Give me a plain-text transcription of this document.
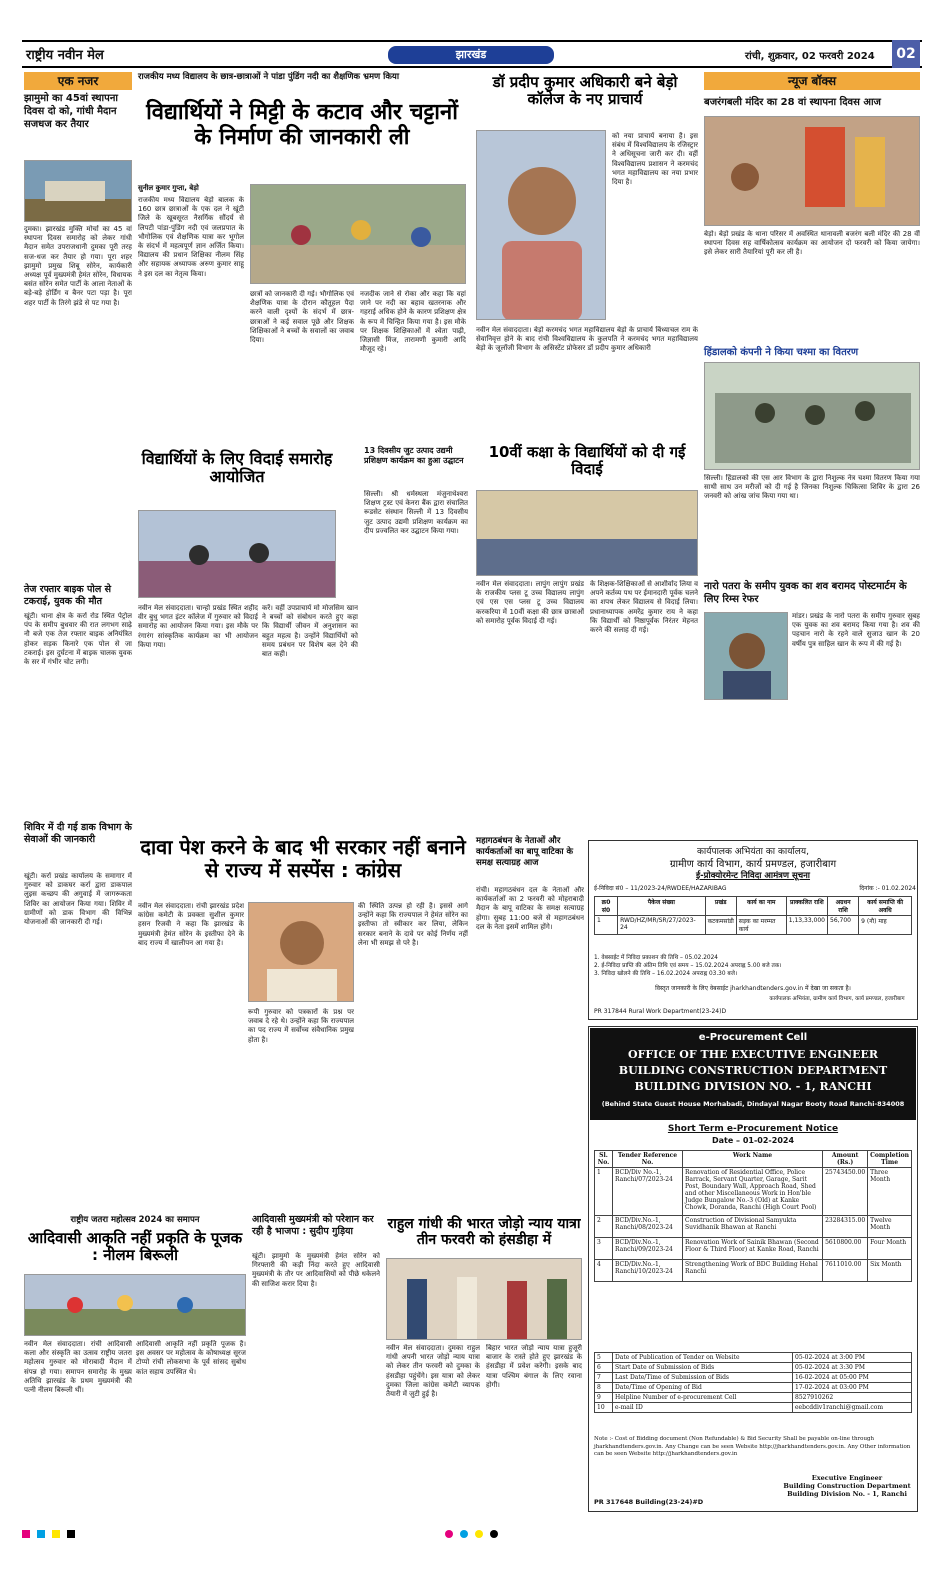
राष्ट्रीय नवीन मेल	झारखंड	रांची, शुक्रवार, 02 फरवरी 2024	02
एक नजर
झामुमो का 45वां स्थापना दिवस दो को, गांधी मैदान सजधज कर तैयार
दुमका। झारखंड मुक्ति मोर्चा का 45 वां स्थापना दिवस समारोह को लेकर गांधी मैदान समेत उपराजधानी दुमका पूरी तरह सज-धज कर तैयार हो गया। पूरा शहर झामुमो प्रमुख शिबू सोरेन, कार्यकारी अध्यक्ष पूर्व मुख्यमंत्री हेमंत सोरेन, विधायक बसंत सोरेन समेत पार्टी के आला नेताओं के बड़े-बड़े होर्डिंग व बैनर पटा पड़ा है। पूरा शहर पार्टी के तिरंगे झंडे से पट गया है।
तेज रफ्तार बाइक पोल से टकराई, युवक की मौत
खूंटी। थाना क्षेत्र के कर्रा रोड स्थित पेट्रोल पंप के समीप बुधवार की रात लगभग साढ़े नौ बजे एक तेज रफ्तार बाइक अनियंत्रित होकर सड़क किनारे एक पोल से जा टकराई। इस दुर्घटना में बाइक चालक युवक के सर में गंभीर चोट लगी।
शिविर में दी गई डाक विभाग के सेवाओं की जानकारी
खूंटी। कर्रा प्रखंड कार्यालय के समागार में गुरुवार को डाकघर कर्रा द्वारा डाकपाल लुइस कच्छप की अगुवाई में जागरूकता शिविर का आयोजन किया गया। शिविर में ग्रामीणों को डाक विभाग की विभिन्न योजनाओं की जानकारी दी गई।
राजकीय मध्य विद्यालय के छात्र-छात्राओं ने पांडा पुंडिंग नदी का शैक्षणिक भ्रमण किया
विद्यार्थियों ने मिट्टी के कटाव और चट्टानों के निर्माण की जानकारी ली
सुनील कुमार गुप्ता, बेड़ो
राजकीय मध्य विद्यालय बेड़ो बालक के 160 छात्र छात्राओं के एक दल ने खूंटी जिले के खूबसूरत नैसर्गिक सौंदर्य से लिपटी पांडा-पुंडिंग नदी एवं जलप्रपात के भौगोलिक एवं शैक्षणिक यात्रा कर भूगोल के संदर्भ में महत्वपूर्ण ज्ञान अर्जित किया। विद्यालय की प्रधान शिक्षिका नीलम सिंह और सहायक अध्यापक अरुण कुमार साहू ने इस दल का नेतृत्व किया।
छात्रों को जानकारी दी गई। भौगोलिक एवं शैक्षणिक यात्रा के दौरान कौतूहल पैदा करने वाली दृश्यों के संदर्भ में छात्र-छात्राओं ने कई सवाल पूछे और शिक्षक शिक्षिकाओं ने बच्चों के सवालों का जवाब दिया।
नजदीक जाने से रोका और कहा कि वहां जाने पर नदी का बहाव खतरनाक और गहराई अधिक होने के कारण प्रशिक्षण क्षेत्र के रूप में चिन्हित किया गया है। इस मौके पर शिक्षक शिक्षिकाओं में श्वेता पाढ़ी, जिज्ञासी मिंज, तारामणी कुमारी आदि मौजूद रहे।
डॉ प्रदीप कुमार अधिकारी बने बेड़ो कॉलेज के नए प्राचार्य
को नया प्राचार्य बनाया है। इस संबंध में विश्वविद्यालय के रजिस्ट्रार ने अधिसूचना जारी कर दी। वहीं विश्वविद्यालय प्रशासन ने करमचंद भगत महाविद्यालय का नया प्रभार दिया है।
नवीन मेल संवाददाता। बेड़ो करमचंद भगत महाविद्यालय बेड़ो के प्राचार्य बिंध्याचल राम के सेवानिवृत्त होने के बाद रांची विश्वविद्यालय के कुलपति ने करमचंद भगत महाविद्यालय बेड़ो के जूलॉजी विभाग के असिस्टेंट प्रोफेसर डॉ प्रदीप कुमार अधिकारी
न्यूज बॉक्स
बजरंगबली मंदिर का 28 वां स्थापना दिवस आज
बेड़ो। बेड़ो प्रखंड के थाना परिसर में अवस्थित थानावली बजरंग बली मंदिर की 28 वीं स्थापना दिवस सह वार्षिकोत्सव कार्यक्रम का आयोजन दो फरवरी को किया जायेगा। इसे लेकर सारी तैयारियां पूरी कर ली है।
हिंडालको कंपनी ने किया चश्मा का वितरण
सिल्ली। हिंडालको की एस आर विभाग के द्वारा निशुल्क नेत्र चश्मा वितरण किया गया साथी साथ उन मरीजों को दी गई है जिनका निशुल्क चिकित्सा शिविर के द्वारा 26 जनवरी को आंख जांच किया गया था।
नारो पतरा के समीप युवक का शव बरामद पोस्टमार्टम के लिए रिम्स रेफर
मांडर। प्रखंड के नारो पतरा के समीप गुरुवार सुबह एक युवक का शव बरामद किया गया है। शव की पहचान नारो के रहने वाले सुजाउ खान के 20 वर्षीय पुत्र साहिल खान के रूप में की गई है।
विद्यार्थियों के लिए विदाई समारोह आयोजित
नवीन मेल संवाददाता। चान्हो प्रखंड स्थित शहीद वीर बुधु भगत इंटर कॉलेज में गुरुवार को विदाई समारोह का आयोजन किया गया। इस मौके पर रंगारंग सांस्कृतिक कार्यक्रम का भी आयोजन किया गया।
करें। वहीं उपप्राचार्य मो मोजसिम खान ने बच्चों को संबोधन करते हुए कहा कि विद्यार्थी जीवन में अनुशासन का बहुत महत्व है। उन्होंने विद्यार्थियों को समय प्रबंधन पर विशेष बल देने की बात कही।
13 दिवसीय जुट उत्पाद उद्यमी प्रशिक्षण कार्यक्रम का हुआ उद्घाटन
सिल्ली। श्री धर्मस्थला मंजुनाथेश्वरा शिक्षण ट्रस्ट एवं केनरा बैंक द्वारा संचालित रूडसेट संस्थान सिल्ली में 13 दिवसीय जुट उत्पाद उद्यमी प्रशिक्षण कार्यक्रम का दीप प्रज्वलित कर उद्घाटन किया गया।
10वीं कक्षा के विद्यार्थियों को दी गई विदाई
नवीन मेल संवाददाता। लापुंग लापुंग प्रखंड के राजकीय प्लस टू उच्च विद्यालय लापुंग एवं एस एस प्लस टू उच्च विद्यालय करकरिया में 10वीं कक्षा की छात्र छात्राओं को समारोह पूर्वक विदाई दी गई।
के शिक्षक-शिक्षिकाओं से आशीर्वाद लिया व अपने कर्तव्य पथ पर ईमानदारी पूर्वक चलने का शपथ लेकर विद्यालय से विदाई लिया। प्रधानाध्यापक अमरेंद्र कुमार राय ने कहा कि विद्यार्थी को निष्ठापूर्वक निरंतर मेहनत करने की सलाह दी गई।
दावा पेश करने के बाद भी सरकार नहीं बनाने से राज्य में सस्पेंस : कांग्रेस
नवीन मेल संवाददाता। रांची झारखंड प्रदेश कांग्रेस कमेटी के प्रवक्ता सुशील कुमार हसन रिजवी ने कहा कि झारखंड के मुख्यमंत्री हेमंत सोरेन के इस्तीफा देने के बाद राज्य में खालीपन आ गया है।
रूपी गुरुवार को पत्रकारों के प्रश्न पर जवाब दे रहे थे। उन्होंने कहा कि राज्यपाल का पद राज्य में सर्वोच्च संवैधानिक प्रमुख होता है।
की स्थिति उत्पन्न हो रही है। इससे आगे उन्होंने कहा कि राज्यपाल ने हेमंत सोरेन का इस्तीफा तो स्वीकार कर लिया, लेकिन सरकार बनाने के दावे पर कोई निर्णय नहीं लेना भी समझ से परे है।
महागठबंधन के नेताओं और कार्यकर्ताओं का बापू वाटिका के समक्ष सत्याग्रह आज
रांची। महागठबंधन दल के नेताओं और कार्यकर्ताओं का 2 फरवरी को मोहराबादी मैदान के बापू वाटिका के समक्ष सत्याग्रह होगा। सुबह 11:00 बजे से महागठबंधन दल के नेता इसमें शामिल होंगे।
कार्यपालक अभियंता का कार्यालय,
ग्रामीण कार्य विभाग, कार्य प्रमण्डल, हजारीबाग
ई-प्रोक्योरमेन्ट निविदा आमंत्रण सूचना
ई-निविदा सं0 – 11/2023-24/RWDEE/HAZARIBAG	दिनांक :- 01.02.2024
क्र0 सं0	पैकेज संख्या	प्रखंड	कार्य का नाम	प्राक्कलित राशि	अग्रधन राशि	कार्य समाप्ति की अवधि
1	RWD/HZ/MR/SR/27/2023-24	कटकमसांडी	सड़क का मरम्मत कार्य	1,13,33,000	56,700	9 (नौ) माह
1. वेबसाईट में निविदा प्रकाशन की तिथि – 05.02.2024
2. ई-निविदा प्राप्ति की अंतिम तिथि एवं समय – 15.02.2024 अपराह्न 5.00 बजे तक।
3. निविदा खोलने की तिथि – 16.02.2024 अपराह्न 03.30 बजे।
विस्तृत जानकारी के लिए वेबसाईट jharkhandtenders.gov.in में देखा जा सकता है।
कार्यपालक अभियंता, ग्रामीण कार्य विभाग, कार्य प्रमण्डल, हजारीबाग
PR 317844 Rural Work Department(23-24)D
e-Procurement Cell
OFFICE OF THE EXECUTIVE ENGINEER
BUILDING CONSTRUCTION DEPARTMENT
BUILDING DIVISION NO. - 1, RANCHI
(Behind State Guest House Morhabadi, Dindayal Nagar Booty Road Ranchi-834008
Short Term e-Procurement Notice
Date – 01-02-2024
Sl. No.	Tender Reference No.	Work Name	Amount (Rs.)	Completion Time
1	BCD/Div No.-1, Ranchi/07/2023-24	Renovation of Residential Office, Police Barrack, Servant Quarter, Garage, Sarit Post, Boundary Wall, Approach Road, Shed and other Miscellaneous Work in Hon'ble Judge Bungalow No.-3 (Old) at Kanke Chowk, Doranda, Ranchi (High Court Pool)	25743450.00	Three Month
2	BCD/Div.No.-1, Ranchi/08/2023-24	Construction of Divisional Samyukta Suvidhanik Bhawan at Ranchi	23284315.00	Twelve Month
3	BCD/Div.No.-1, Ranchi/09/2023-24	Renovation Work of Sainik Bhawan (Second Floor & Third Floor) at Kanke Road, Ranchi	5610800.00	Four Month
4	BCD/Div.No.-1, Ranchi/10/2023-24	Strengthening Work of BDC Building Hehal Ranchi	7611010.00	Six Month
5	Date of Publication of Tender on Website	05-02-2024 at 3:00 PM
6	Start Date of Submission of Bids	05-02-2024 at 3:30 PM
7	Last Date/Time of Submission of Bids	16-02-2024 at 05:00 PM
8	Date/Time of Opening of Bid	17-02-2024 at 03:00 PM
9	Helpline Number of e-procurement Cell	8527910262
10	e-mail ID	eebcddiv1ranchi@gmail.com
Note :- Cost of Bidding document (Non Refundable) & Bid Security Shall be payable on-line through jharkhandtenders.gov.in. Any Change can be seen Website http://jharkhandtenders.gov.in. Any Other information can be seen Website http://jharkhandtenders.gov.in
Executive Engineer
Building Construction Department
Building Division No. - 1, Ranchi
PR 317648 Building(23-24)#D
राष्ट्रीय जतरा महोत्सव 2024 का समापन
आदिवासी आकृति नहीं प्रकृति के पूजक : नीलम बिरूली
नवीन मेल संवाददाता। रांची आदिवासी कला और संस्कृति का उत्सव राष्ट्रीय जतरा महोत्सव गुरुवार को मोराबादी मैदान में संपन्न हो गया। समापन समारोह के मुख्य अतिथि झारखंड के प्रथम मुख्यमंत्री की पत्नी नीलम बिरूली थीं।
आदिवासी आकृति नहीं प्रकृति पूजक है। इस अवसर पर महोत्सव के कोषाध्यक्ष सूरज टोप्पो रांची लोकसभा के पूर्व सांसद सुबोध कांत सहाय उपस्थित थे।
आदिवासी मुख्यमंत्री को परेशान कर रही है भाजपा : सुदीप गुड़िया
खूंटी। झामुमो के मुख्यमंत्री हेमंत सोरेन को गिरफ्तारी की कड़ी निंदा करते हुए आदिवासी मुख्यमंत्री के तौर पर आदिवासियों को पीछे धकेलने की साजिश करार दिया है।
राहुल गांधी की भारत जोड़ो न्याय यात्रा तीन फरवरी को हंसडीहा में
नवीन मेल संवाददाता। दुमका राहुल गांधी अपनी भारत जोड़ो न्याय यात्रा को लेकर तीन फरवरी को दुमका के हंसडीहा पहुंचेंगे। इस यात्रा को लेकर दुमका जिला कांग्रेस कमेटी व्यापक तैयारी में जुटी हुई है।
बिहार भारत जोड़ो न्याय यात्रा हुजूरी बाजार के रास्ते होते हुए झारखंड के हंसडीहा में प्रवेश करेगी। इसके बाद यात्रा पश्चिम बंगाल के लिए रवाना होगी।
